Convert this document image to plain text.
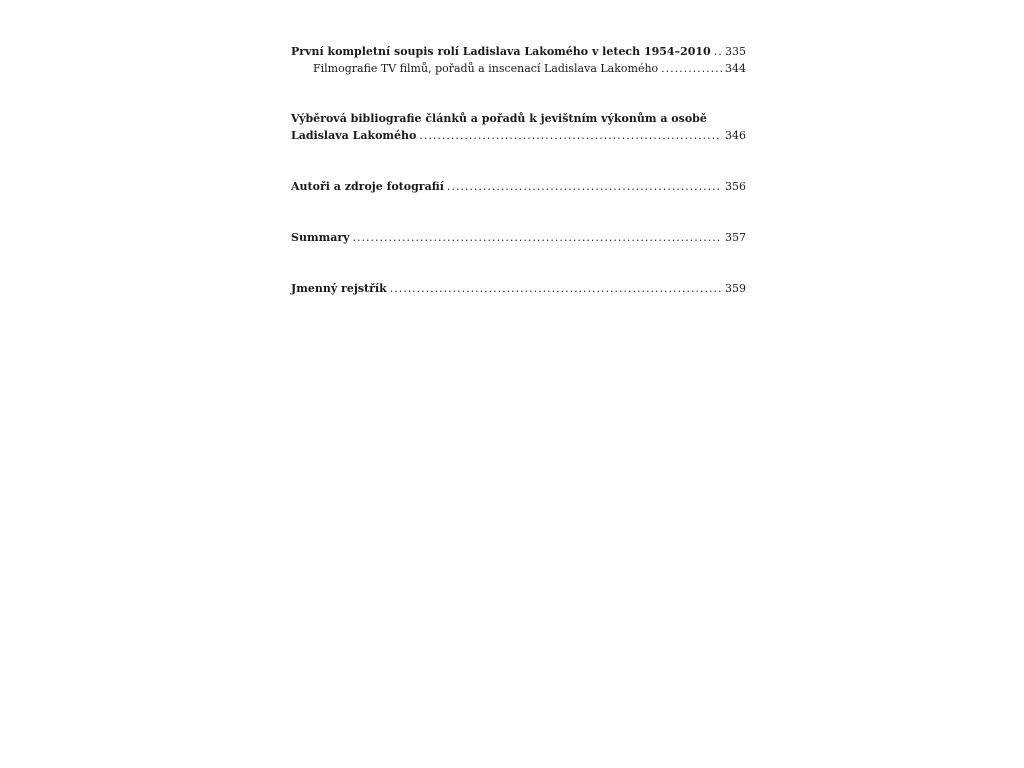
První kompletní soupis rolí Ladislava Lakomého v letech 1954–2010 ..... 335
Filmografie TV filmů, pořadů a inscenací Ladislava Lakomého .....	344
Výběrová bibliografie článků a pořadů k jevištním výkonům a osobě
Ladislava Lakomého .....	346
Autoři a zdroje fotografií .....	356
Summary .....	357
Jmenný rejstřík .....	359
